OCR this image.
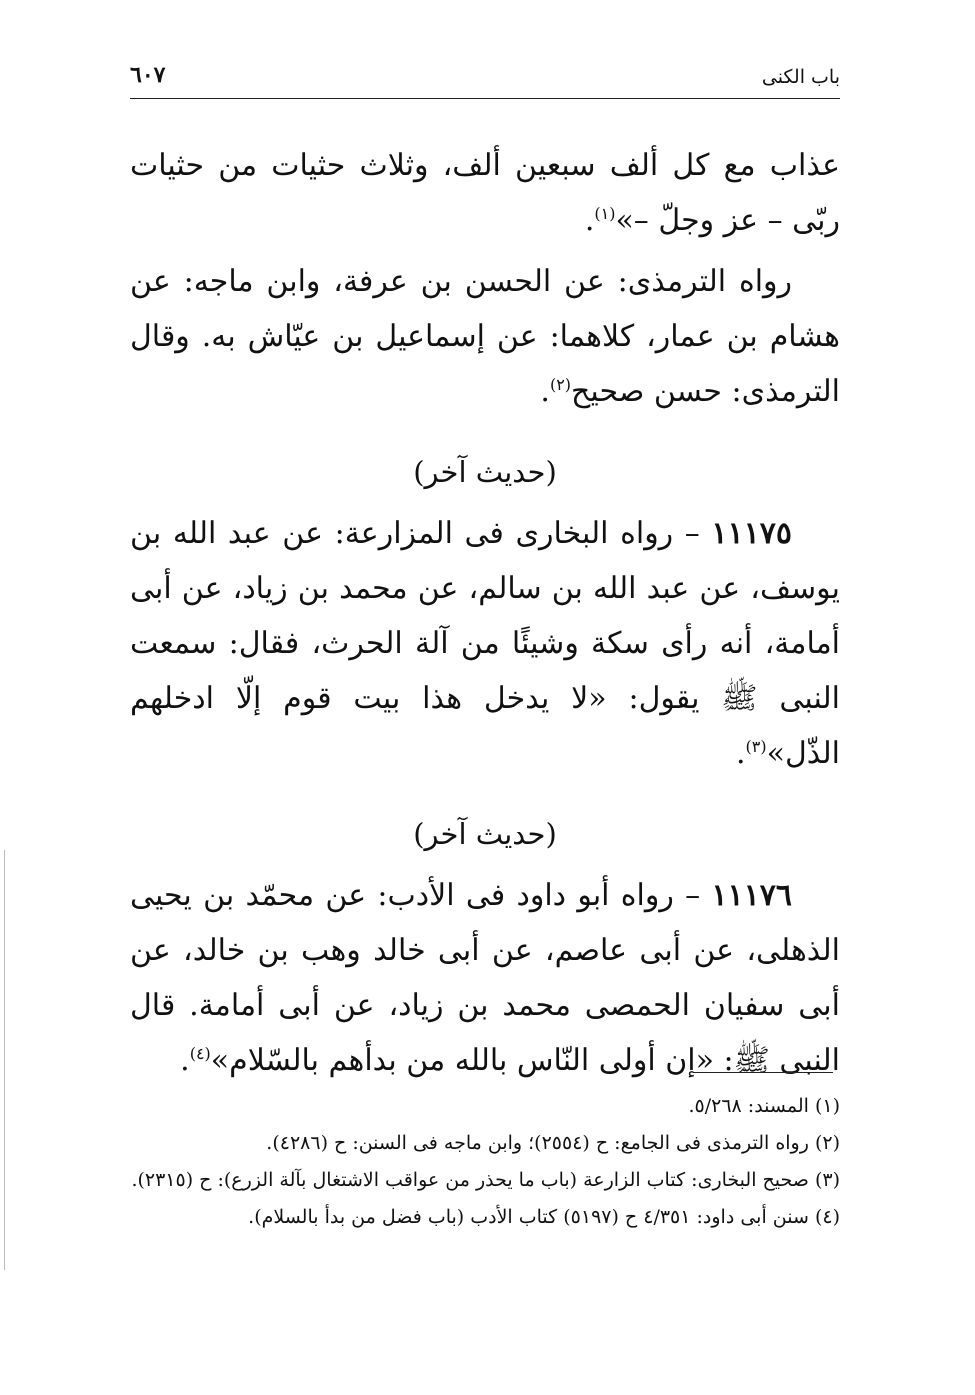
باب الكنى
٦٠٧

عذاب مع كل ألف سبعين ألف، وثلاث حثيات من حثيات ربّى – عز وجلّ –»$^{(١)}$.

رواه الترمذى: عن الحسن بن عرفة، وابن ماجه: عن هشام بن عمار، كلاهما: عن إسماعيل بن عيّاش به. وقال الترمذى: حسن صحيح$^{(٢)}$.

(حديث آخر)

١١١٧٥ – رواه البخارى فى المزارعة: عن عبد الله بن يوسف، عن عبد الله بن سالم، عن محمد بن زياد، عن أبى أمامة، أنه رأى سكة وشيئًا من آلة الحرث، فقال: سمعت النبى ﷺ يقول: «لا يدخل هذا بيت قوم إلّا ادخلهم الذّل»$^{(٣)}$.

(حديث آخر)

١١١٧٦ – رواه أبو داود فى الأدب: عن محمّد بن يحيى الذهلى، عن أبى عاصم، عن أبى خالد وهب بن خالد، عن أبى سفيان الحمصى محمد بن زياد، عن أبى أمامة. قال النبى ﷺ: «إن أولى النّاس بالله من بدأهم بالسّلام»$^{(٤)}$.

(١) المسند: ٥/٢٦٨.

(٢) رواه الترمذى فى الجامع: ح (٢٥٥٤)؛ وابن ماجه فى السنن: ح (٤٢٨٦).

(٣) صحيح البخارى: كتاب الزارعة (باب ما يحذر من عواقب الاشتغال بآلة الزرع): ح (٢٣١٥).

(٤) سنن أبى داود: ٤/٣٥١ ح (٥١٩٧) كتاب الأدب (باب فضل من بدأ بالسلام).
